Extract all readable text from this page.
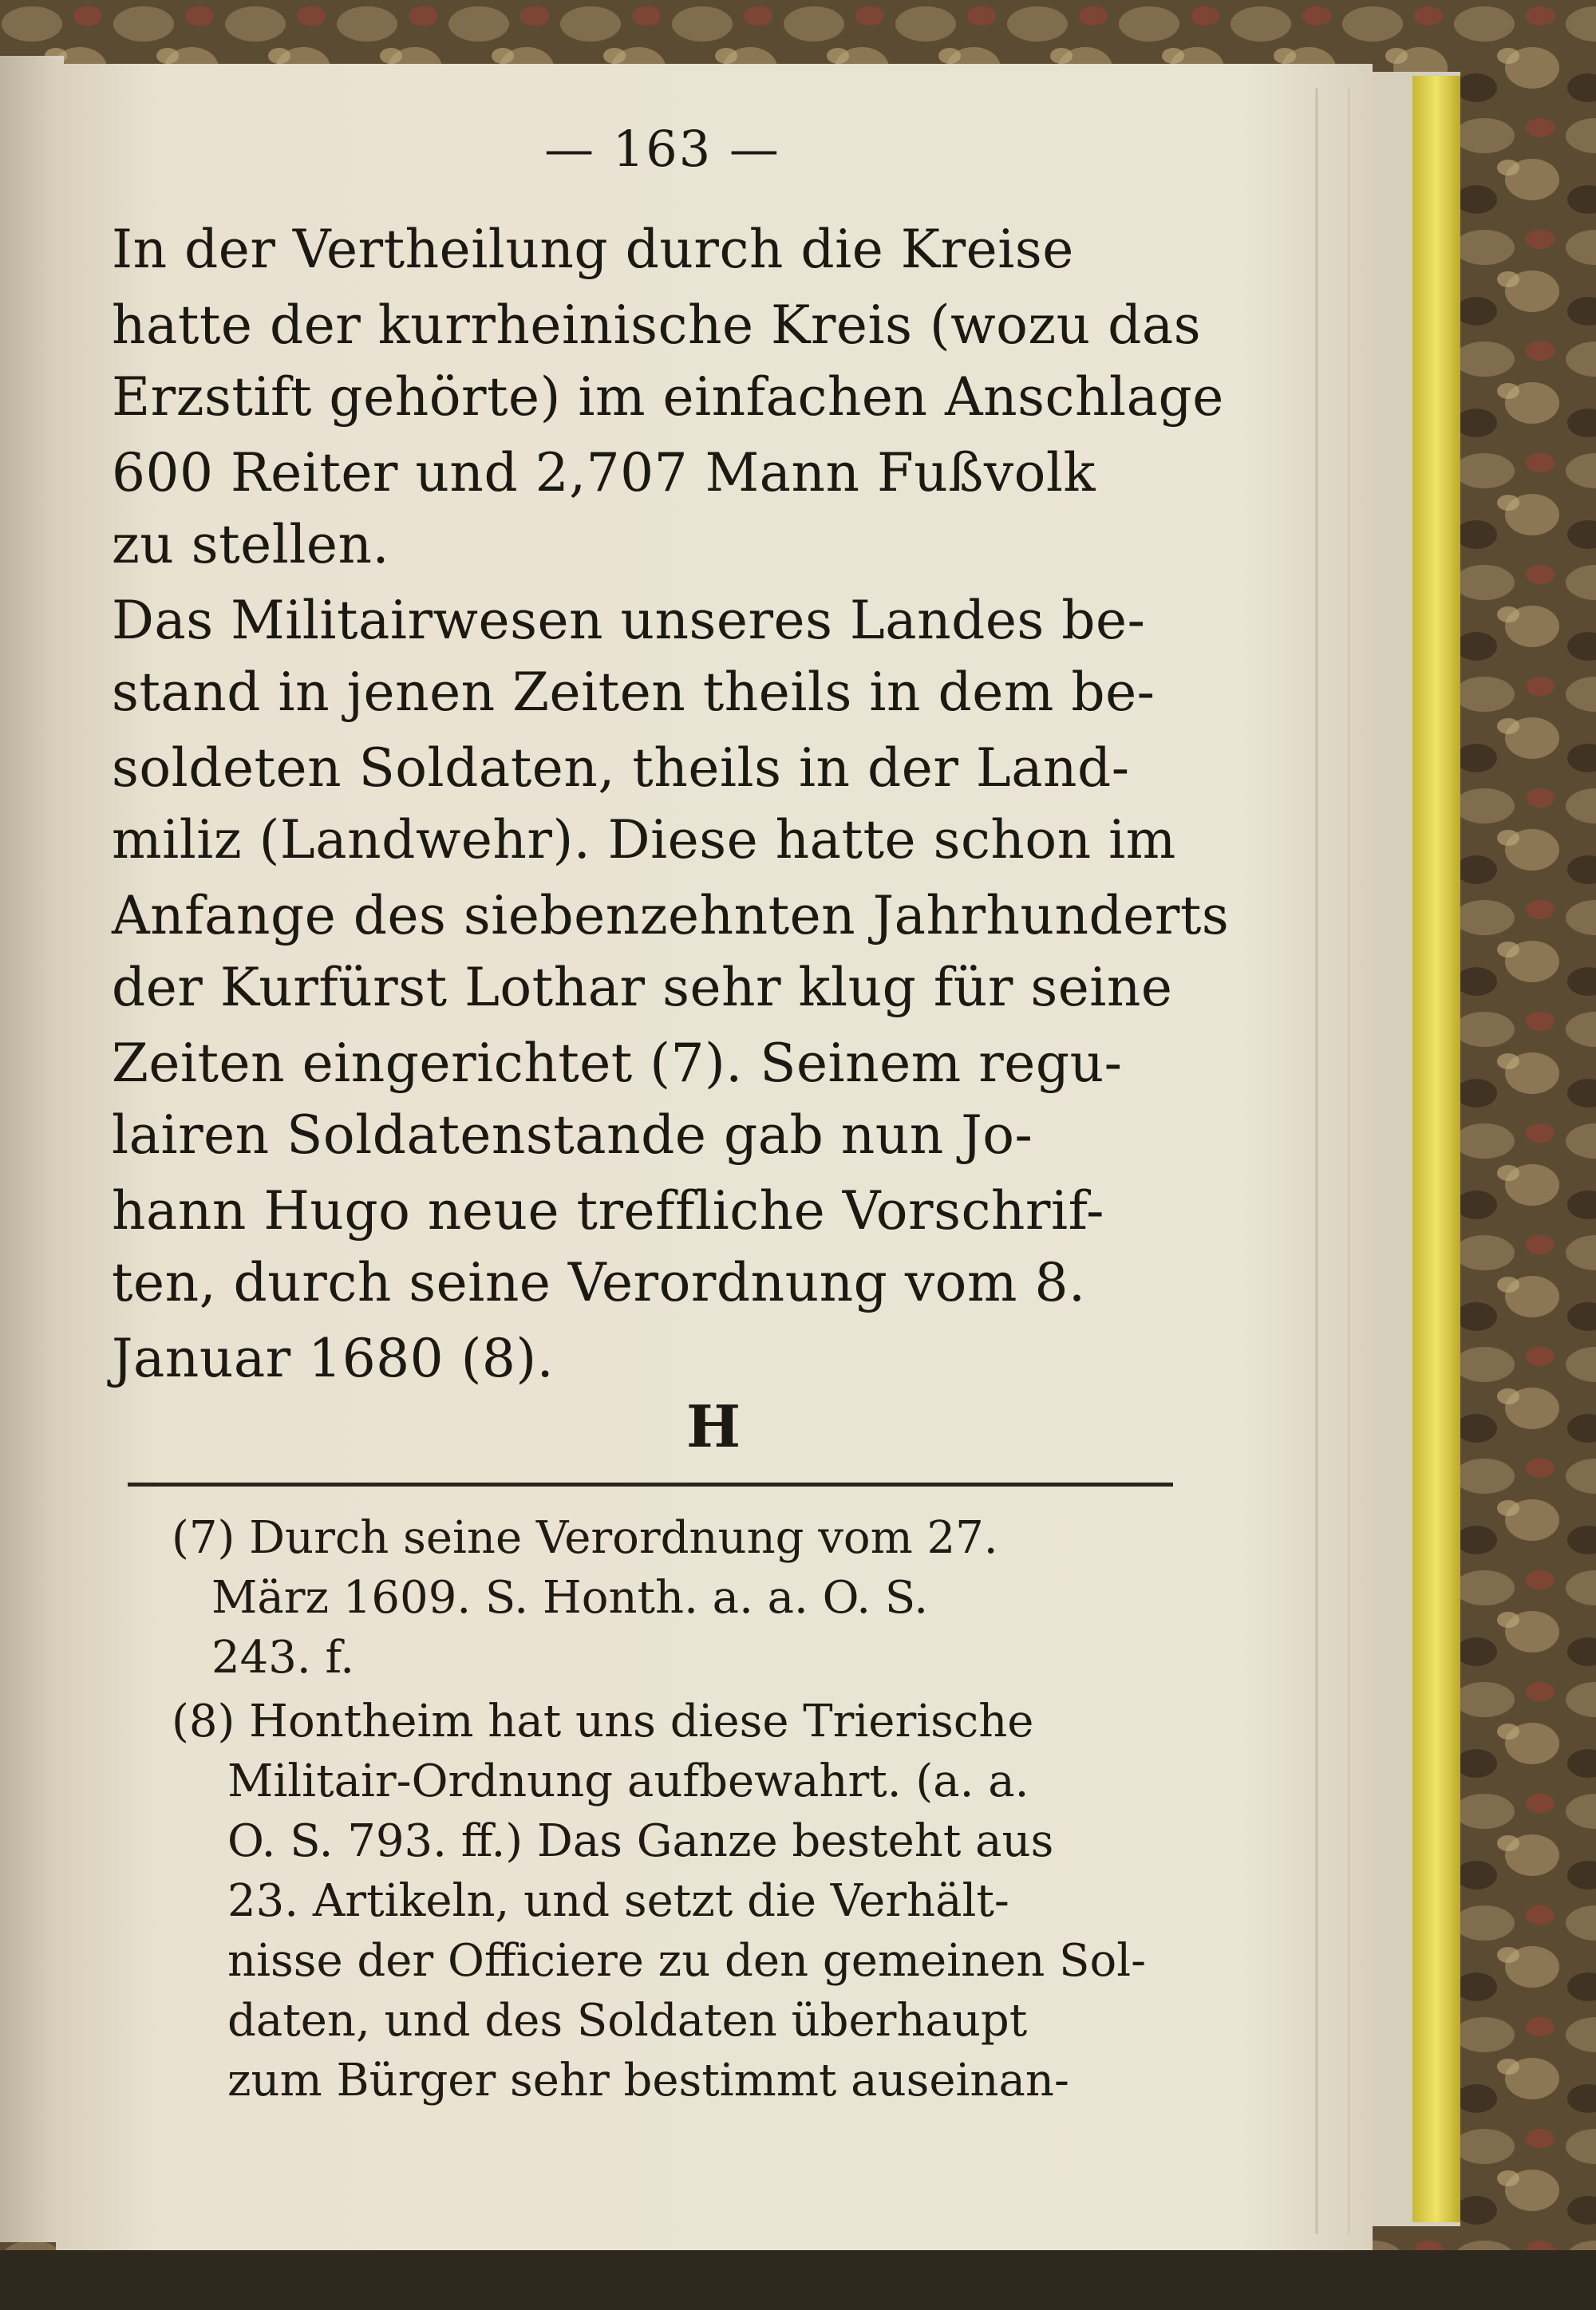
— 163 —
In der Vertheilung durch die Kreise
hatte der kurrheinische Kreis (wozu das
Erzstift gehörte) im einfachen Anschlage
600 Reiter und 2,707 Mann Fußvolk
zu stellen.
Das Militairwesen unseres Landes be-
stand in jenen Zeiten theils in dem be-
soldeten Soldaten, theils in der Land-
miliz (Landwehr). Diese hatte schon im
Anfange des siebenzehnten Jahrhunderts
der Kurfürst Lothar sehr klug für seine
Zeiten eingerichtet (7). Seinem regu-
lairen Soldatenstande gab nun Jo-
hann Hugo neue treffliche Vorschrif-
ten, durch seine Verordnung vom 8.
Januar 1680 (8).
H
(7) Durch seine Verordnung vom 27.
März 1609. S. Honth. a. a. O. S.
243. f.
(8) Hontheim hat uns diese Trierische
Militair-Ordnung aufbewahrt. (a. a.
O. S. 793. ff.) Das Ganze besteht aus
23. Artikeln, und setzt die Verhält-
nisse der Officiere zu den gemeinen Sol-
daten, und des Soldaten überhaupt
zum Bürger sehr bestimmt auseinan-
